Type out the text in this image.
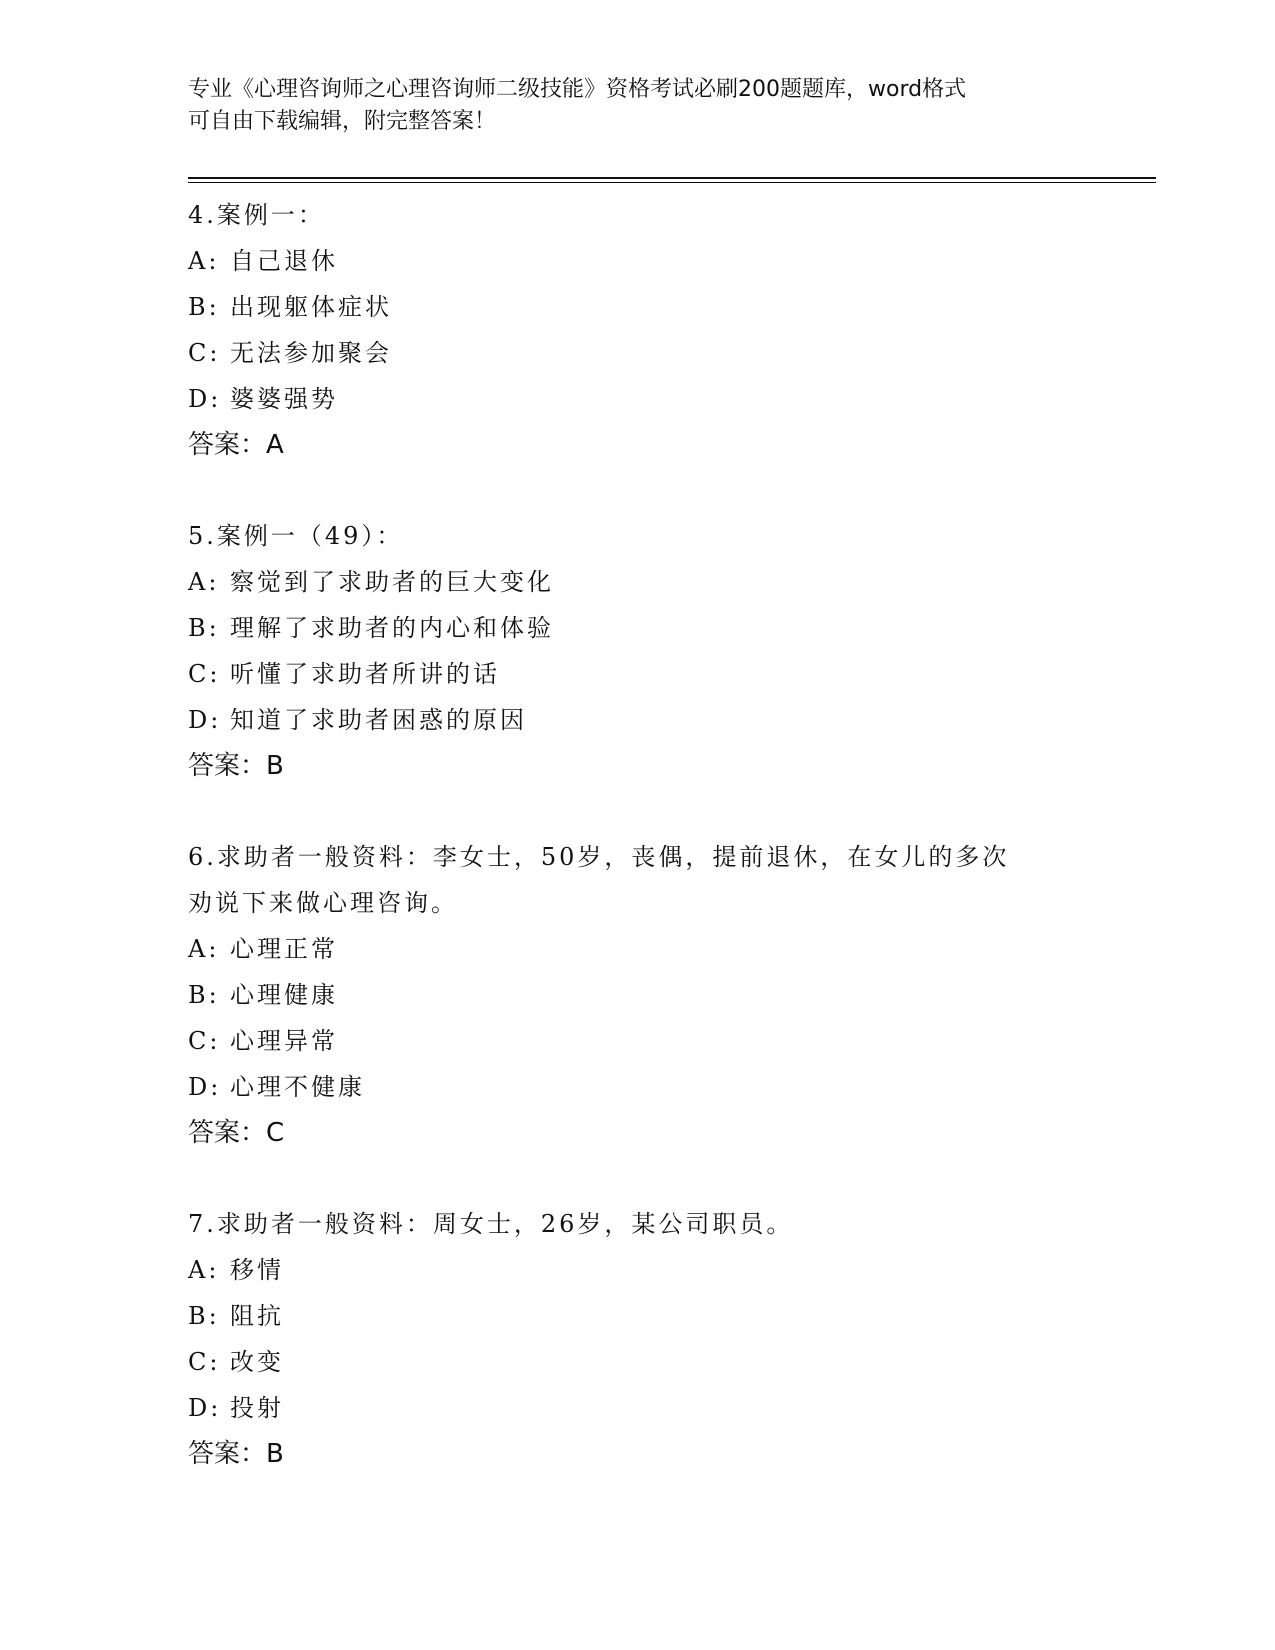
专业《心理咨询师之心理咨询师二级技能》资格考试必刷200题题库，word格式
可自由下载编辑，附完整答案！
4.案例一：
A: 自己退休
B: 出现躯体症状
C: 无法参加聚会
D: 婆婆强势
答案：A
5.案例一（49）：
A: 察觉到了求助者的巨大变化
B: 理解了求助者的内心和体验
C: 听懂了求助者所讲的话
D: 知道了求助者困惑的原因
答案：B
6.求助者一般资料：李女士，50岁，丧偶，提前退休，在女儿的多次
劝说下来做心理咨询。
A: 心理正常
B: 心理健康
C: 心理异常
D: 心理不健康
答案：C
7.求助者一般资料：周女士，26岁，某公司职员。
A: 移情
B: 阻抗
C: 改变
D: 投射
答案：B
